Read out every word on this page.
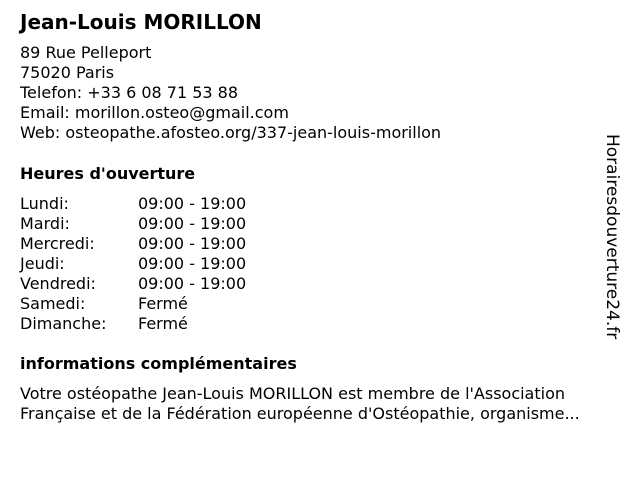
Jean-Louis MORILLON
89 Rue Pelleport
75020 Paris
Telefon: +33 6 08 71 53 88
Email: morillon.osteo@gmail.com
Web: osteopathe.afosteo.org/337-jean-louis-morillon
Heures d'ouverture
Lundi:	09:00 - 19:00
Mardi:	09:00 - 19:00
Mercredi:	09:00 - 19:00
Jeudi:	09:00 - 19:00
Vendredi:	09:00 - 19:00
Samedi:	Fermé
Dimanche: Fermé
informations complémentaires
Votre ostéopathe Jean-Louis MORILLON est membre de l'Association
Française et de la Fédération européenne d'Ostéopathie, organisme...
Horairesdouverture24.fr
